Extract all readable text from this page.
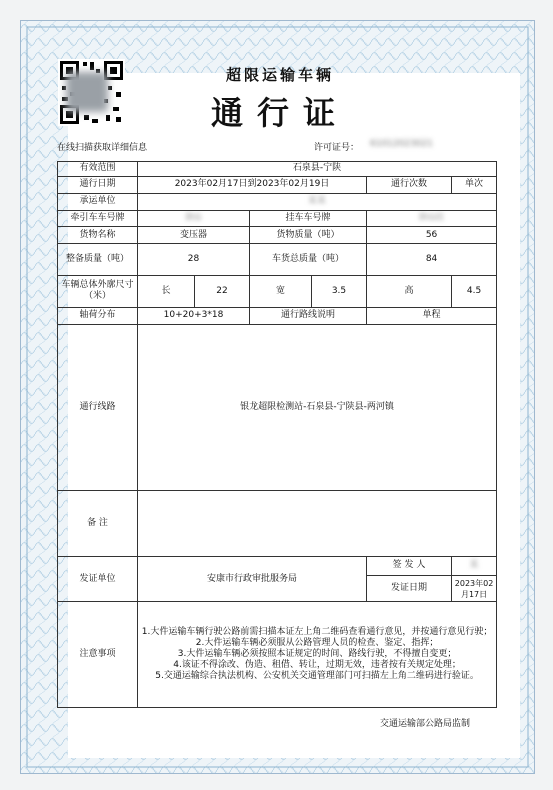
超限运输车辆
通行证
在线扫描获取详细信息	许可证号： 61012023021
有效范围	石泉县-宁陕					
通行日期	2023年02月17日到2023年02月19日				通行次数	单次
承运单位	某某					
牵引车车号牌	陕G		挂车车号牌		陕G挂	
货物名称	变压器		货物质量（吨）		56	
整备质量（吨）	28		车货总质量（吨）		84	
车辆总体外廓尺寸（米）	长	22	宽	3.5	高	4.5
轴荷分布	10+20+3*18		通行路线说明		单程	
通行线路	银龙超限检测站-石泉县-宁陕县-两河镇					
备 注						
发证单位	安康市行政审批服务局				签 发 人	某
					发证日期	2023年02月17日
注意事项	1.大件运输车辆行驶公路前需扫描本证左上角二维码查看通行意见，并按通行意见行驶；
2.大件运输车辆必须服从公路管理人员的检查、鉴定、指挥；
3.大件运输车辆必须按照本证规定的时间、路线行驶，不得擅自变更；
4.该证不得涂改、伪造、租借、转让，过期无效，违者按有关规定处理；
5.交通运输综合执法机构、公安机关交通管理部门可扫描左上角二维码进行验证。					
交通运输部公路局监制
